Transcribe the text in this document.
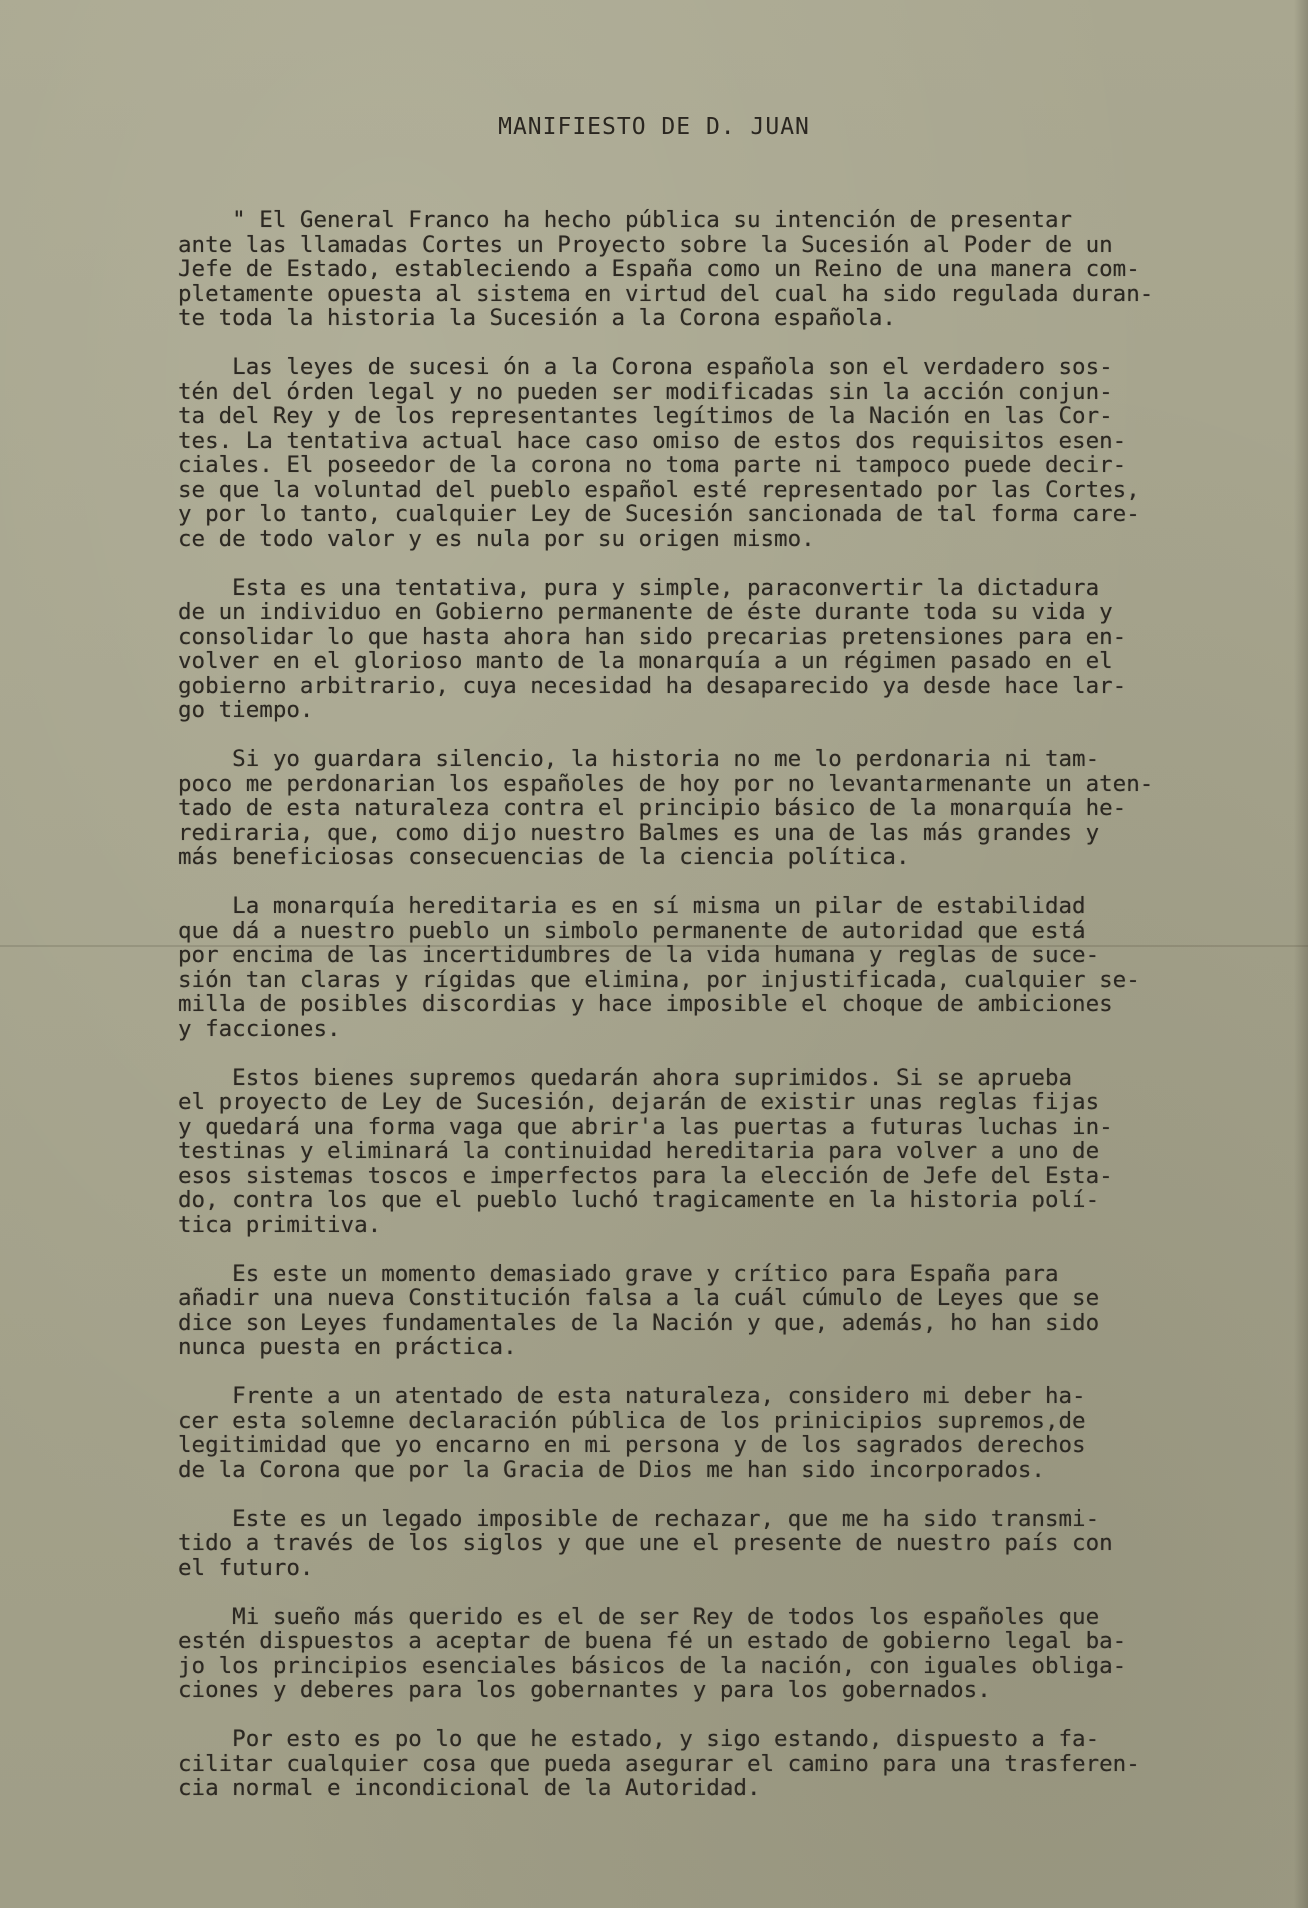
MANIFIESTO DE D. JUAN
" El General Franco ha hecho pública su intención de presentar
ante las llamadas Cortes un Proyecto sobre la Sucesión al Poder de un
Jefe de Estado, estableciendo a España como un Reino de una manera com-
pletamente opuesta al sistema en virtud del cual ha sido regulada duran-
te toda la historia la Sucesión a la Corona española.
Las leyes de sucesi ón a la Corona española son el verdadero sos-
tén del órden legal y no pueden ser modificadas sin la acción conjun-
ta del Rey y de los representantes legítimos de la Nación en las Cor-
tes. La tentativa actual hace caso omiso de estos dos requisitos esen-
ciales. El poseedor de la corona no toma parte ni tampoco puede decir-
se que la voluntad del pueblo español esté representado por las Cortes,
y por lo tanto, cualquier Ley de Sucesión sancionada de tal forma care-
ce de todo valor y es nula por su origen mismo.
Esta es una tentativa, pura y simple, paraconvertir la dictadura
de un individuo en Gobierno permanente de éste durante toda su vida y
consolidar lo que hasta ahora han sido precarias pretensiones para en-
volver en el glorioso manto de la monarquía a un régimen pasado en el
gobierno arbitrario, cuya necesidad ha desaparecido ya desde hace lar-
go tiempo.
Si yo guardara silencio, la historia no me lo perdonaria ni tam-
poco me perdonarian los españoles de hoy por no levantarmenante un aten-
tado de esta naturaleza contra el principio básico de la monarquía he-
rediraria, que, como dijo nuestro Balmes es una de las más grandes y
más beneficiosas consecuencias de la ciencia política.
La monarquía hereditaria es en sí misma un pilar de estabilidad
que dá a nuestro pueblo un simbolo permanente de autoridad que está
por encima de las incertidumbres de la vida humana y reglas de suce-
sión tan claras y rígidas que elimina, por injustificada, cualquier se-
milla de posibles discordias y hace imposible el choque de ambiciones
y facciones.
Estos bienes supremos quedarán ahora suprimidos. Si se aprueba
el proyecto de Ley de Sucesión, dejarán de existir unas reglas fijas
y quedará una forma vaga que abrir'a las puertas a futuras luchas in-
testinas y eliminará la continuidad hereditaria para volver a uno de
esos sistemas toscos e imperfectos para la elección de Jefe del Esta-
do, contra los que el pueblo luchó tragicamente en la historia polí-
tica primitiva.
Es este un momento demasiado grave y crítico para España para
añadir una nueva Constitución falsa a la cuál cúmulo de Leyes que se
dice son Leyes fundamentales de la Nación y que, además, ho han sido
nunca puesta en práctica.
Frente a un atentado de esta naturaleza, considero mi deber ha-
cer esta solemne declaración pública de los prinicipios supremos,de
legitimidad que yo encarno en mi persona y de los sagrados derechos
de la Corona que por la Gracia de Dios me han sido incorporados.
Este es un legado imposible de rechazar, que me ha sido transmi-
tido a través de los siglos y que une el presente de nuestro país con
el futuro.
Mi sueño más querido es el de ser Rey de todos los españoles que
estén dispuestos a aceptar de buena fé un estado de gobierno legal ba-
jo los principios esenciales básicos de la nación, con iguales obliga-
ciones y deberes para los gobernantes y para los gobernados.
Por esto es po lo que he estado, y sigo estando, dispuesto a fa-
cilitar cualquier cosa que pueda asegurar el camino para una trasferen-
cia normal e incondicional de la Autoridad.
